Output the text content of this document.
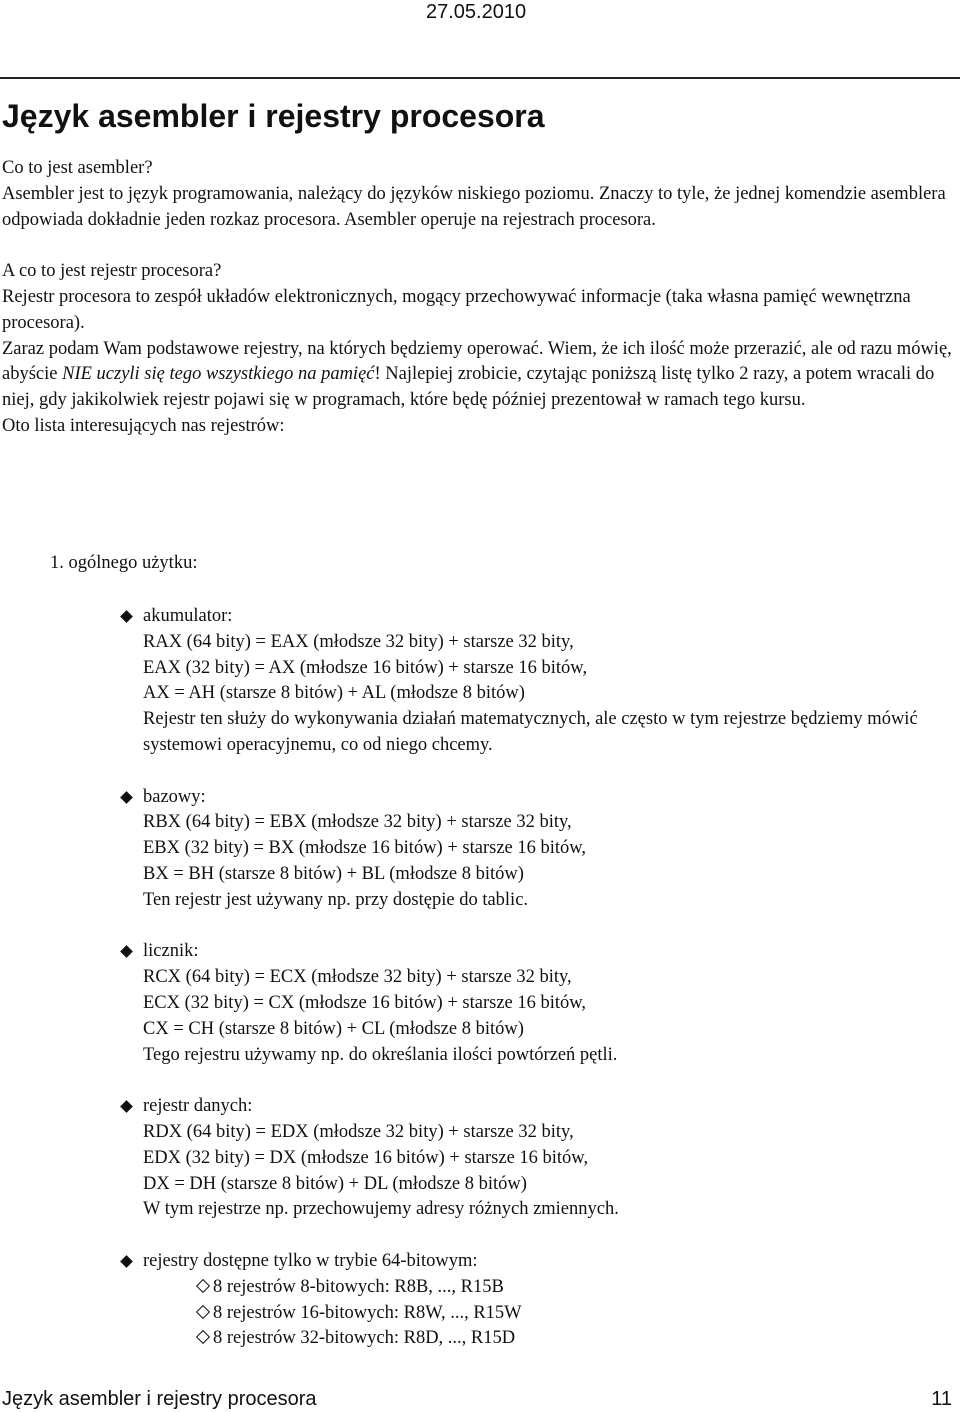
27.05.2010
Język asembler i rejestry procesora

Co to jest asembler?

Asembler jest to język programowania, należący do języków niskiego poziomu. Znaczy to tyle, że jednej komendzie asemblera odpowiada dokładnie jeden rozkaz procesora. Asembler operuje na rejestrach procesora.

A co to jest rejestr procesora?

Rejestr procesora to zespół układów elektronicznych, mogący przechowywać informacje (taka własna pamięć wewnętrzna procesora).

Zaraz podam Wam podstawowe rejestry, na których będziemy operować. Wiem, że ich ilość może przerazić, ale od razu mówię, abyście NIE uczyli się tego wszystkiego na pamięć! Najlepiej zrobicie, czytając poniższą listę tylko 2 razy, a potem wracali do niej, gdy jakikolwiek rejestr pojawi się w programach, które będę później prezentował w ramach tego kursu.

Oto lista interesujących nas rejestrów:

1. ogólnego użytku:

akumulator:

RAX (64 bity) = EAX (młodsze 32 bity) + starsze 32 bity,

EAX (32 bity) = AX (młodsze 16 bitów) + starsze 16 bitów,

AX = AH (starsze 8 bitów) + AL (młodsze 8 bitów)

Rejestr ten służy do wykonywania działań matematycznych, ale często w tym rejestrze będziemy mówić systemowi operacyjnemu, co od niego chcemy.

bazowy:

RBX (64 bity) = EBX (młodsze 32 bity) + starsze 32 bity,

EBX (32 bity) = BX (młodsze 16 bitów) + starsze 16 bitów,

BX = BH (starsze 8 bitów) + BL (młodsze 8 bitów)

Ten rejestr jest używany np. przy dostępie do tablic.

licznik:

RCX (64 bity) = ECX (młodsze 32 bity) + starsze 32 bity,

ECX (32 bity) = CX (młodsze 16 bitów) + starsze 16 bitów,

CX = CH (starsze 8 bitów) + CL (młodsze 8 bitów)

Tego rejestru używamy np. do określania ilości powtórzeń pętli.

rejestr danych:

RDX (64 bity) = EDX (młodsze 32 bity) + starsze 32 bity,

EDX (32 bity) = DX (młodsze 16 bitów) + starsze 16 bitów,

DX = DH (starsze 8 bitów) + DL (młodsze 8 bitów)

W tym rejestrze np. przechowujemy adresy różnych zmiennych.

rejestry dostępne tylko w trybie 64-bitowym:

8 rejestrów 8-bitowych: R8B, ..., R15B

8 rejestrów 16-bitowych: R8W, ..., R15W

8 rejestrów 32-bitowych: R8D, ..., R15D

Język asembler i rejestry procesora	11
